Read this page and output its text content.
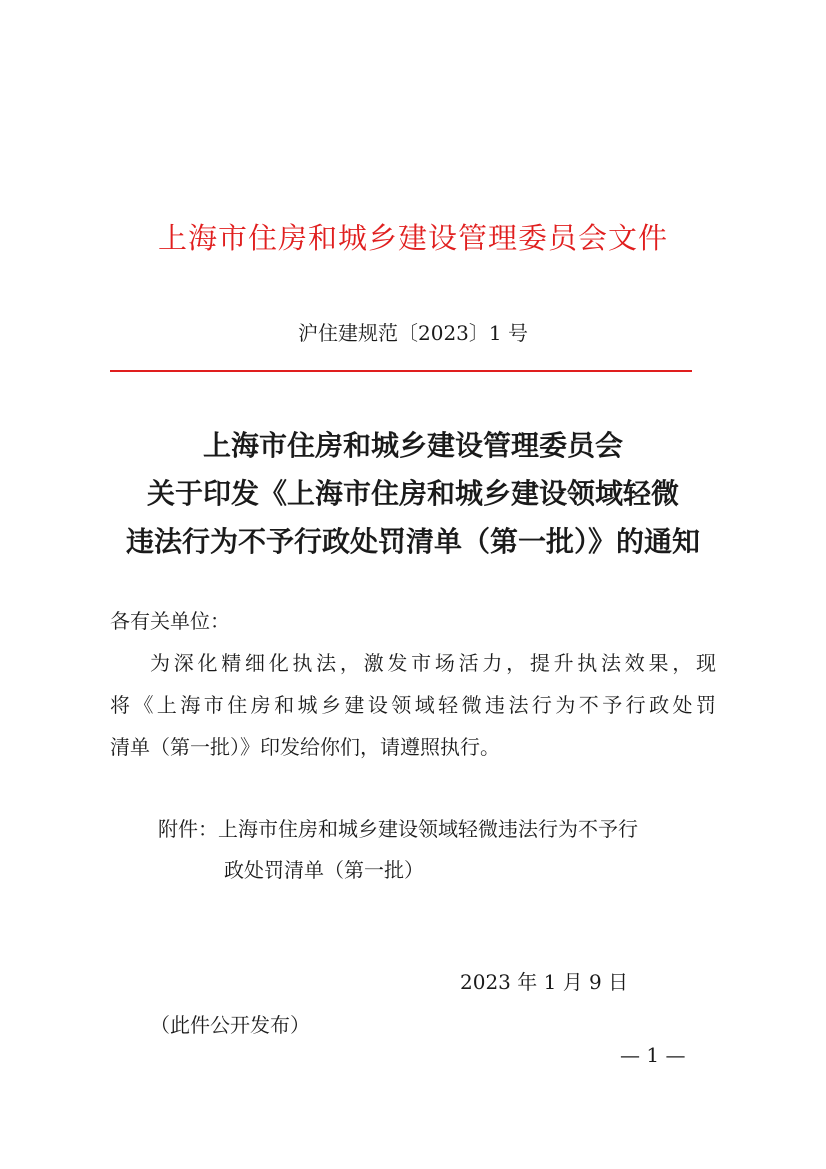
上海市住房和城乡建设管理委员会文件
沪住建规范〔2023〕1 号
上海市住房和城乡建设管理委员会
关于印发《上海市住房和城乡建设领域轻微
违法行为不予行政处罚清单（第一批）》的通知
各有关单位：
为深化精细化执法，激发市场活力，提升执法效果，现
将《上海市住房和城乡建设领域轻微违法行为不予行政处罚
清单（第一批）》印发给你们，请遵照执行。
附件：上海市住房和城乡建设领域轻微违法行为不予行
政处罚清单（第一批）
2023 年 1 月 9 日
（此件公开发布）
— 1 —
